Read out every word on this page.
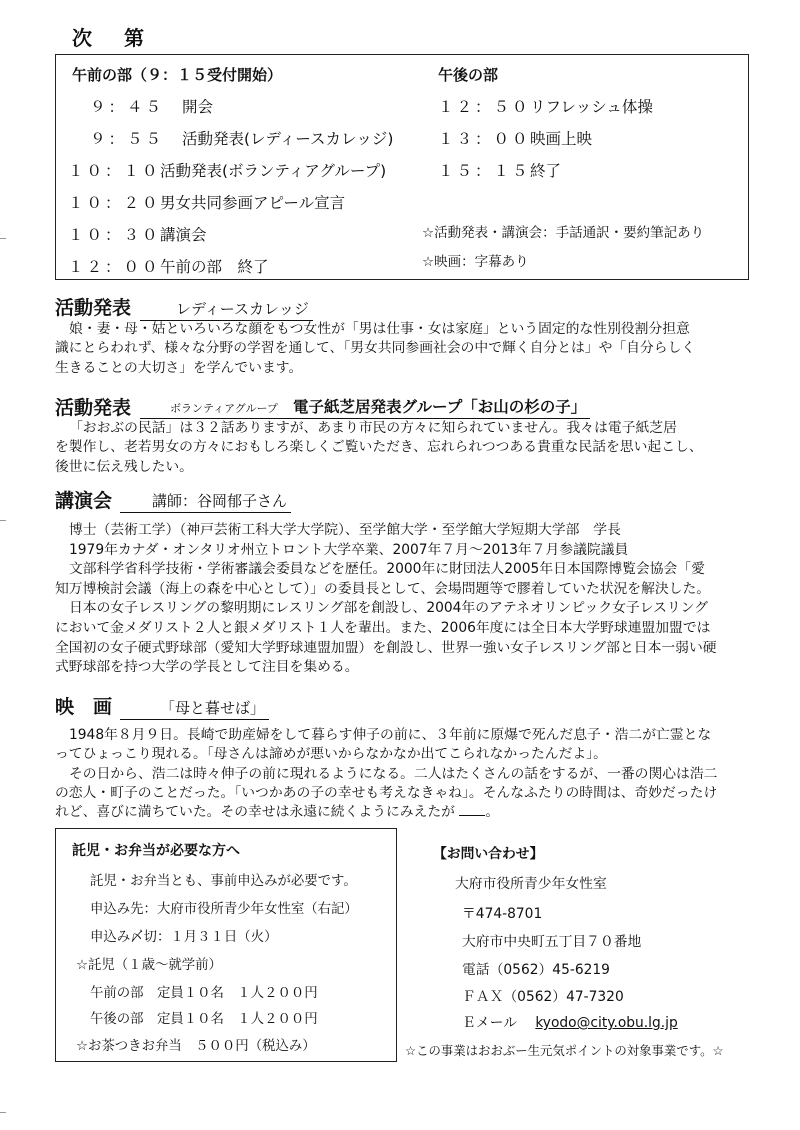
次　第
午前の部（９：１５受付開始）	午後の部
９：４５ 開会
９：５５ 活動発表(レディースカレッジ)
１０：１０活動発表(ボランティアグループ)
１０：２０男女共同参画アピール宣言
１０：３０講演会
１２：００午前の部　終了
１２：５０リフレッシュ体操
１３：００映画上映
１５：１５終了
☆活動発表・講演会：手話通訳・要約筆記あり
☆映画：字幕あり
活動発表	レディースカレッジ

娘・妻・母・姑といろいろな顔をもつ女性が「男は仕事・女は家庭」という固定的な性別役割分担意

識にとらわれず、様々な分野の学習を通して、「男女共同参画社会の中で輝く自分とは」や「自分らしく

生きることの大切さ」を学んでいます。

活動発表	ボランティアグループ 電子紙芝居発表グループ「お山の杉の子」

「おおぶの民話」は３２話ありますが、あまり市民の方々に知られていません。我々は電子紙芝居

を製作し、老若男女の方々におもしろ楽しくご覧いただき、忘れられつつある貴重な民話を思い起こし、

後世に伝え残したい。

講演会	講師：谷岡郁子さん

博士（芸術工学）（神戸芸術工科大学大学院）、至学館大学・至学館大学短期大学部　学長

1979年カナダ・オンタリオ州立トロント大学卒業、2007年７月～2013年７月参議院議員

文部科学省科学技術・学術審議会委員などを歴任。2000年に財団法人2005年日本国際博覧会協会「愛

知万博検討会議（海上の森を中心として）」の委員長として、会場問題等で膠着していた状況を解決した。

日本の女子レスリングの黎明期にレスリング部を創設し、2004年のアテネオリンピック女子レスリング

において金メダリスト２人と銀メダリスト１人を輩出。また、2006年度には全日本大学野球連盟加盟では

全国初の女子硬式野球部（愛知大学野球連盟加盟）を創設し、世界一強い女子レスリング部と日本一弱い硬

式野球部を持つ大学の学長として注目を集める。

映　画	「母と暮せば」

1948年８月９日。長崎で助産婦をして暮らす伸子の前に、３年前に原爆で死んだ息子・浩二が亡霊とな

ってひょっこり現れる。「母さんは諦めが悪いからなかなか出てこられなかったんだよ」。

その日から、浩二は時々伸子の前に現れるようになる。二人はたくさんの話をするが、一番の関心は浩二

の恋人・町子のことだった。「いつかあの子の幸せも考えなきゃね」。そんなふたりの時間は、奇妙だったけ

れど、喜びに満ちていた。その幸せは永遠に続くようにみえたが 。

託児・お弁当が必要な方へ
託児・お弁当とも、事前申込みが必要です。
申込み先：大府市役所青少年女性室（右記）
申込み〆切：１月３１日（火）
☆託児（１歳～就学前）
午前の部　定員１０名　１人２００円
午後の部　定員１０名　１人２００円
☆お茶つきお弁当　５００円（税込み）
【お問い合わせ】
大府市役所青少年女性室
〒474-8701
大府市中央町五丁目７０番地
電話（0562）45-6219
ＦＡＸ（0562）47-7320
Ｅメール kyodo@city.obu.lg.jp
☆この事業はおおぶー生元気ポイントの対象事業です。☆
